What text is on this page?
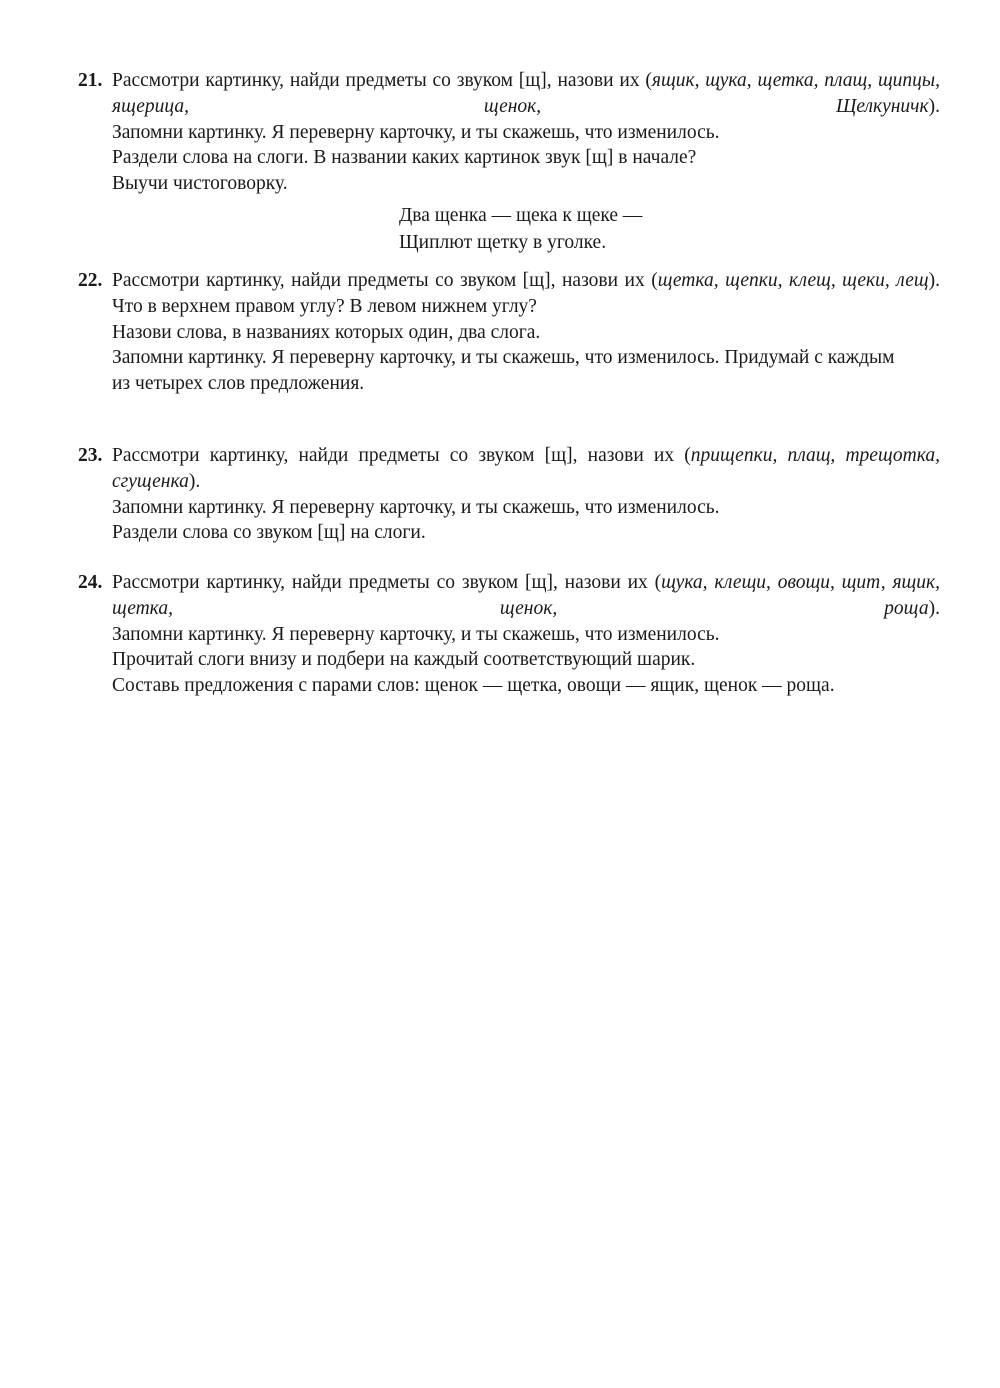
21. Рассмотри картинку, найди предметы со звуком [щ], назови их (ящик, щука, щетка, плащ, щипцы, ящерица, щенок, Щелкуничк).
Запомни картинку. Я переверну карточку, и ты скажешь, что изменилось.
Раздели слова на слоги. В названии каких картинок звук [щ] в начале?
Выучи чистоговорку.
Два щенка — щека к щеке —
Щиплют щетку в уголке.
22. Рассмотри картинку, найди предметы со звуком [щ], назови их (щетка, щепки, клещ, щеки, лещ).
Что в верхнем правом углу? В левом нижнем углу?
Назови слова, в названиях которых один, два слога.
Запомни картинку. Я переверну карточку, и ты скажешь, что изменилось. Придумай с каждым
из четырех слов предложения.
23. Рассмотри картинку, найди предметы со звуком [щ], назови их (прищепки, плащ, трещотка, сгущенка).
Запомни картинку. Я переверну карточку, и ты скажешь, что изменилось.
Раздели слова со звуком [щ] на слоги.
24. Рассмотри картинку, найди предметы со звуком [щ], назови их (щука, клещи, овощи, щит, ящик, щетка, щенок, роща).
Запомни картинку. Я переверну карточку, и ты скажешь, что изменилось.
Прочитай слоги внизу и подбери на каждый соответствующий шарик.
Составь предложения с парами слов: щенок — щетка, овощи — ящик, щенок — роща.
